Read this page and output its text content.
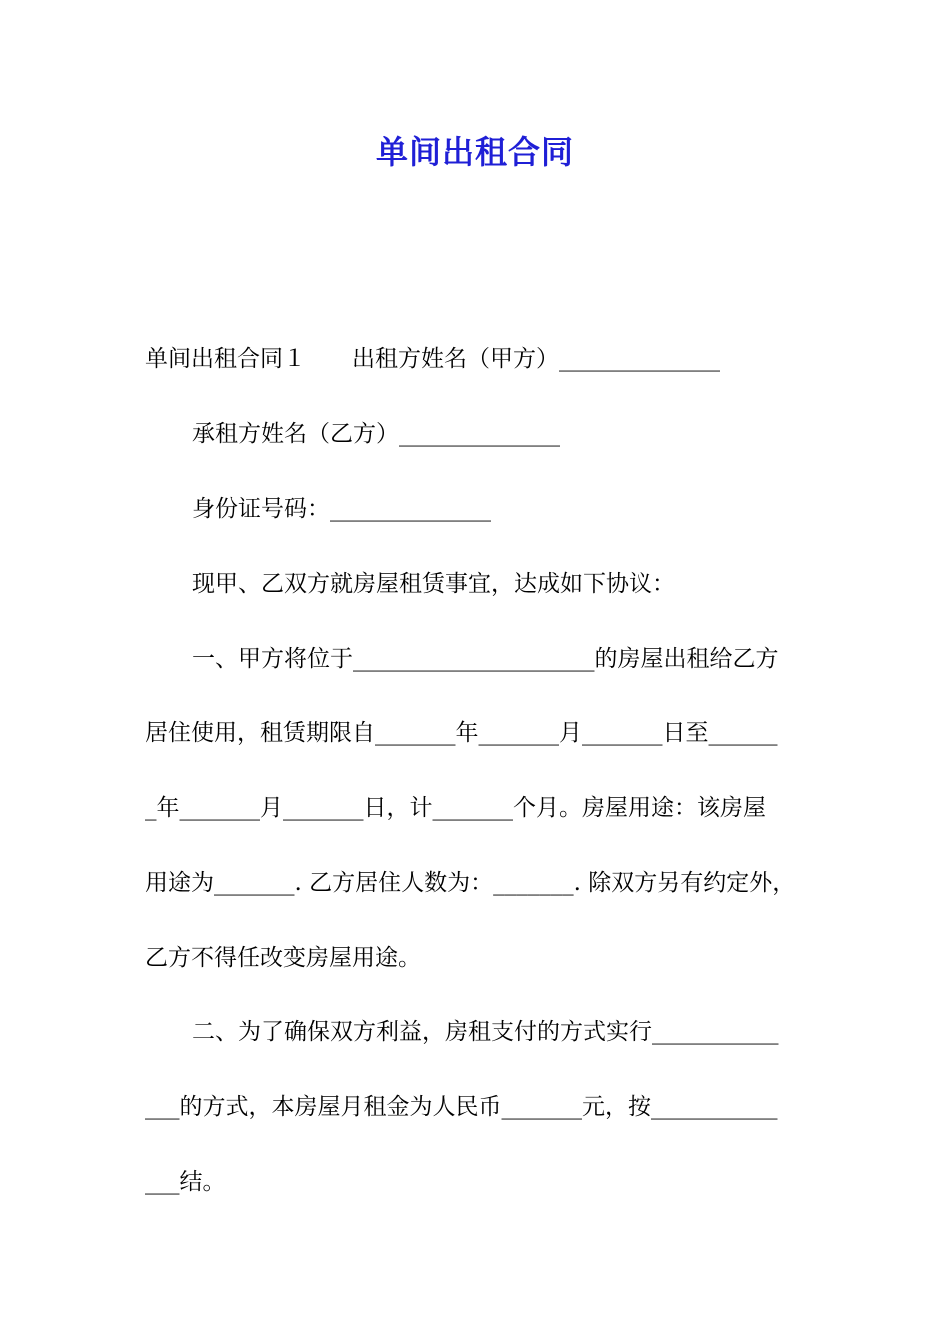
单间出租合同
单间出租合同１ 出租方姓名（甲方）______________
承租方姓名（乙方）______________
身份证号码：______________
现甲、乙双方就房屋租赁事宜，达成如下协议：
一、甲方将位于_____________________的房屋出租给乙方
居住使用，租赁期限自_______年_______月_______日至______
_年_______月_______日，计_______个月。房屋用途：该房屋
用途为_______. 乙方居住人数为：_______. 除双方另有约定外，
乙方不得任改变房屋用途。
二、为了确保双方利益，房租支付的方式实行___________
___的方式，本房屋月租金为人民币_______元，按___________
___结。
